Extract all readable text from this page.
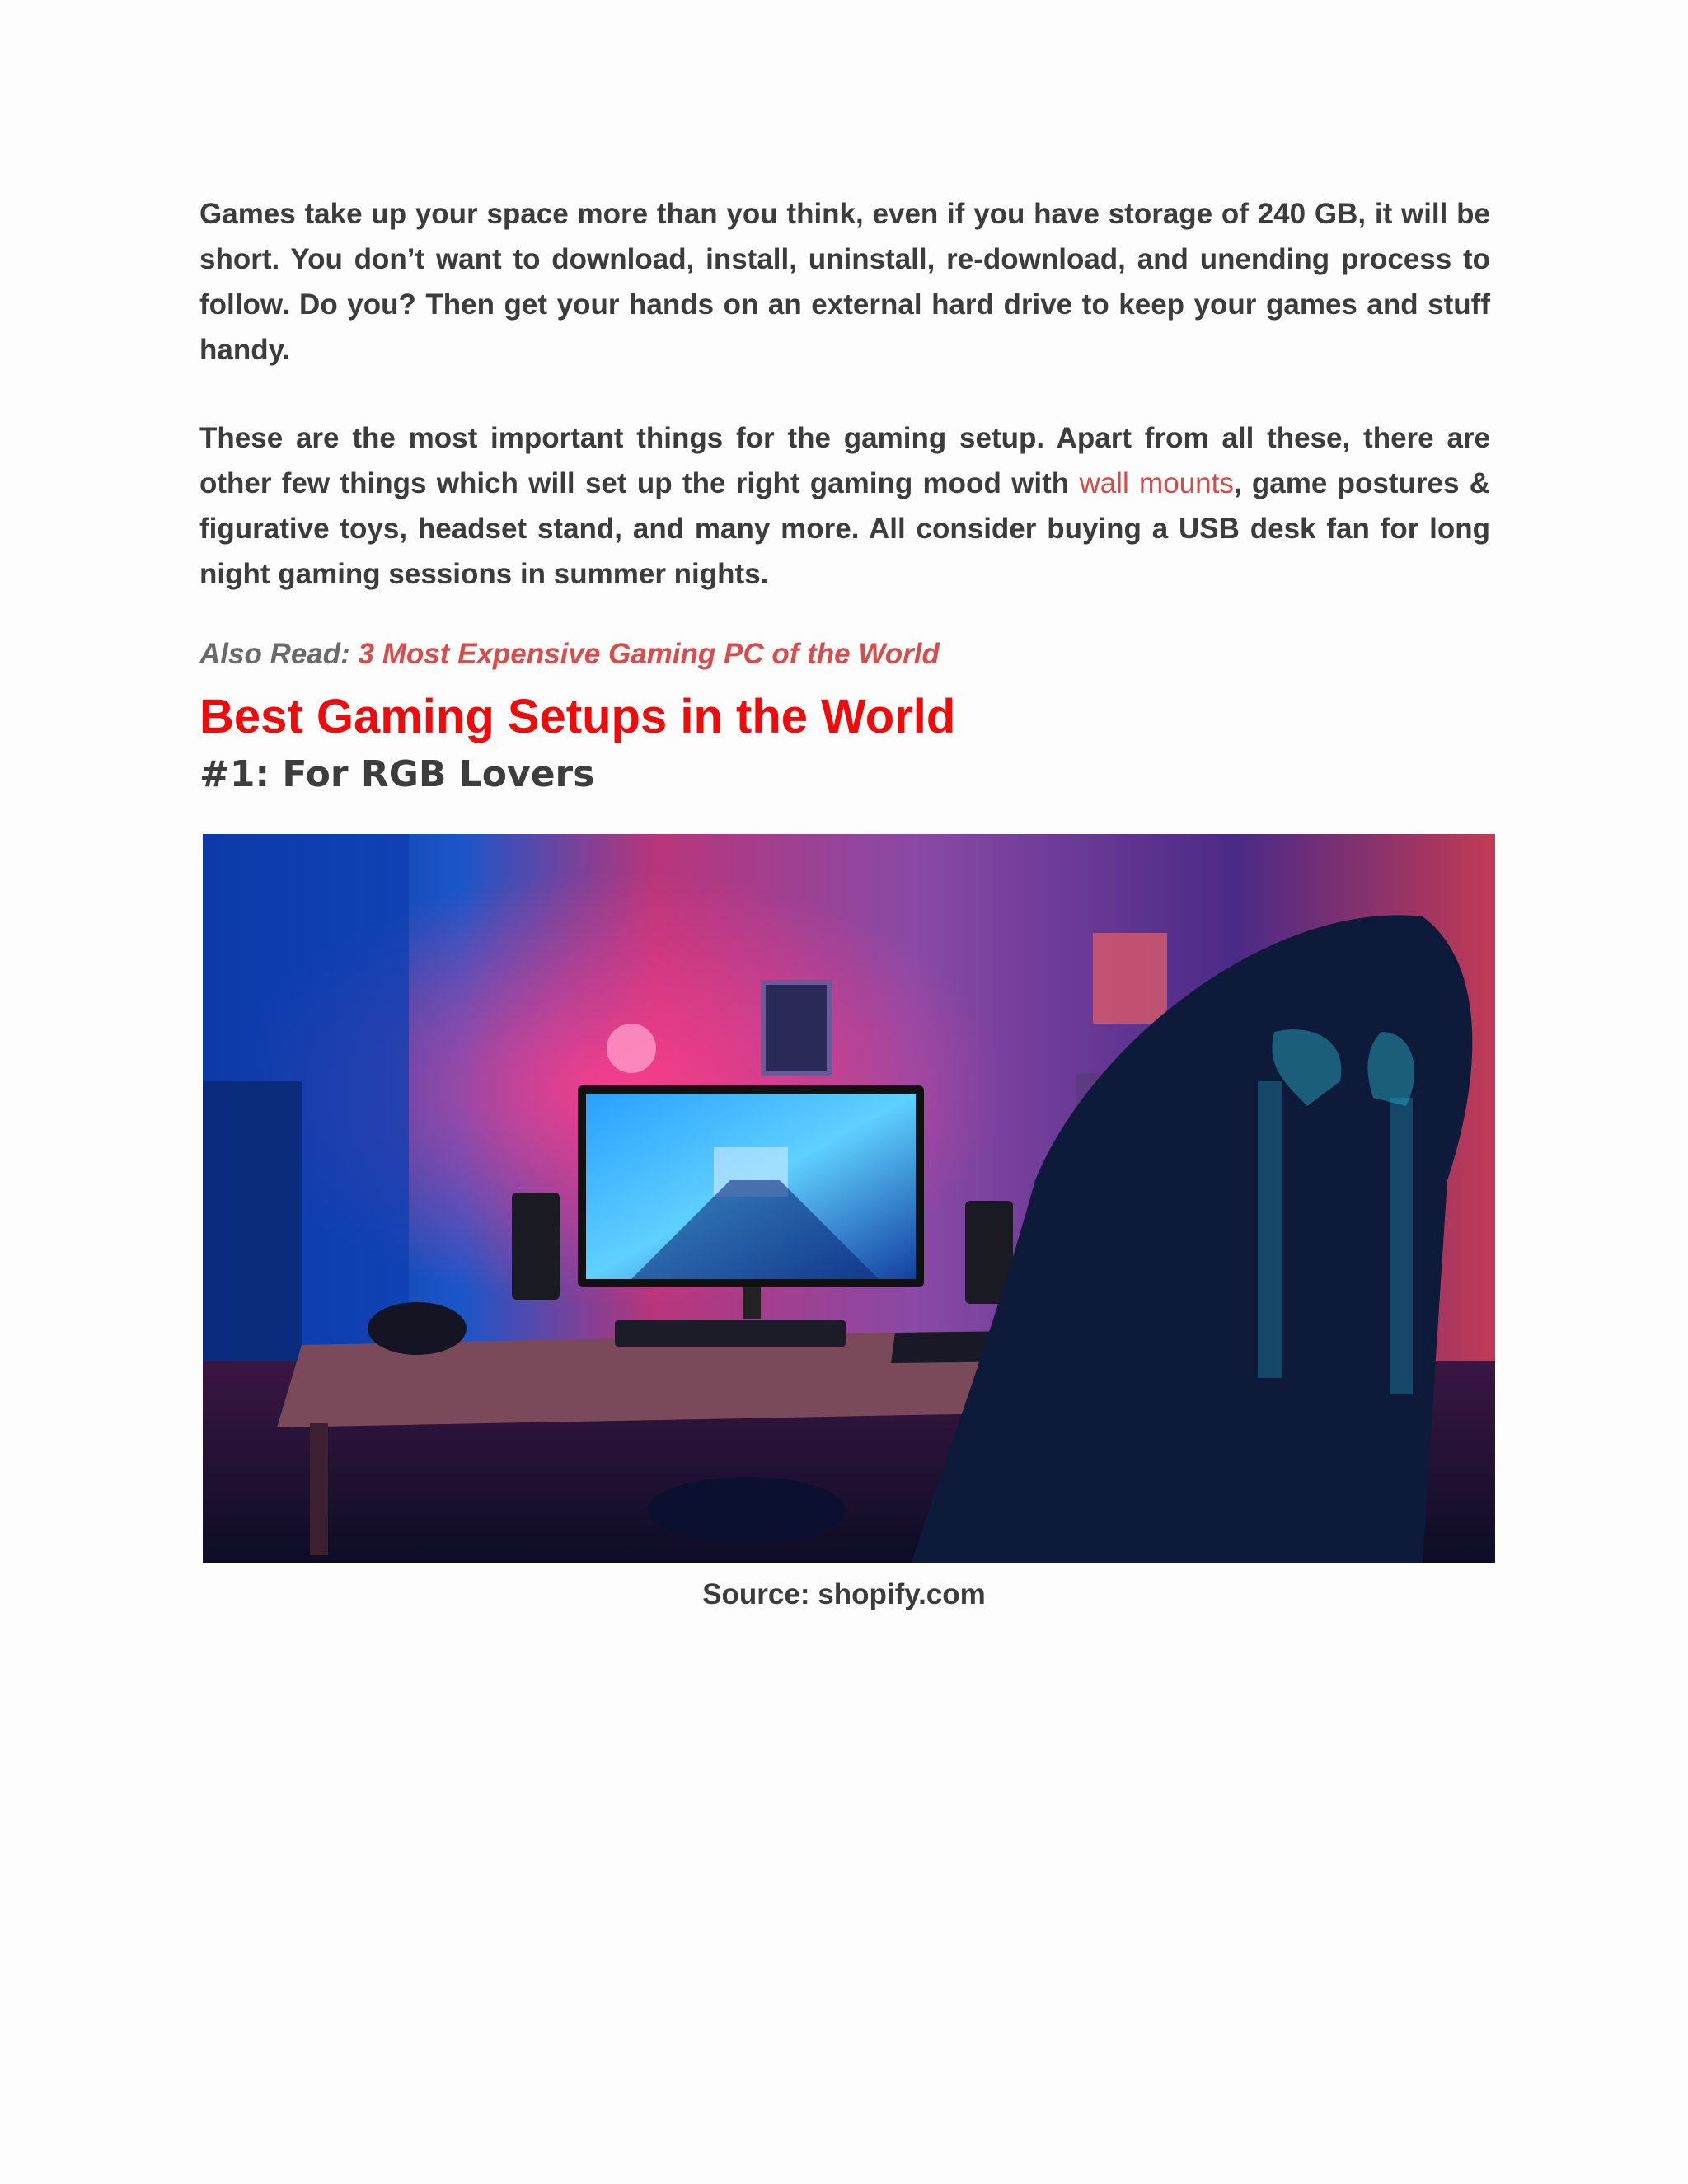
Games take up your space more than you think, even if you have storage of 240 GB, it will be short. You don’t want to download, install, uninstall, re-download, and unending process to follow. Do you? Then get your hands on an external hard drive to keep your games and stuff handy.

These are the most important things for the gaming setup. Apart from all these, there are other few things which will set up the right gaming mood with wall mounts, game postures & figurative toys, headset stand, and many more. All consider buying a USB desk fan for long night gaming sessions in summer nights.

Also Read: 3 Most Expensive Gaming PC of the World

Best Gaming Setups in the World
#1: For RGB Lovers
Source: shopify.com
